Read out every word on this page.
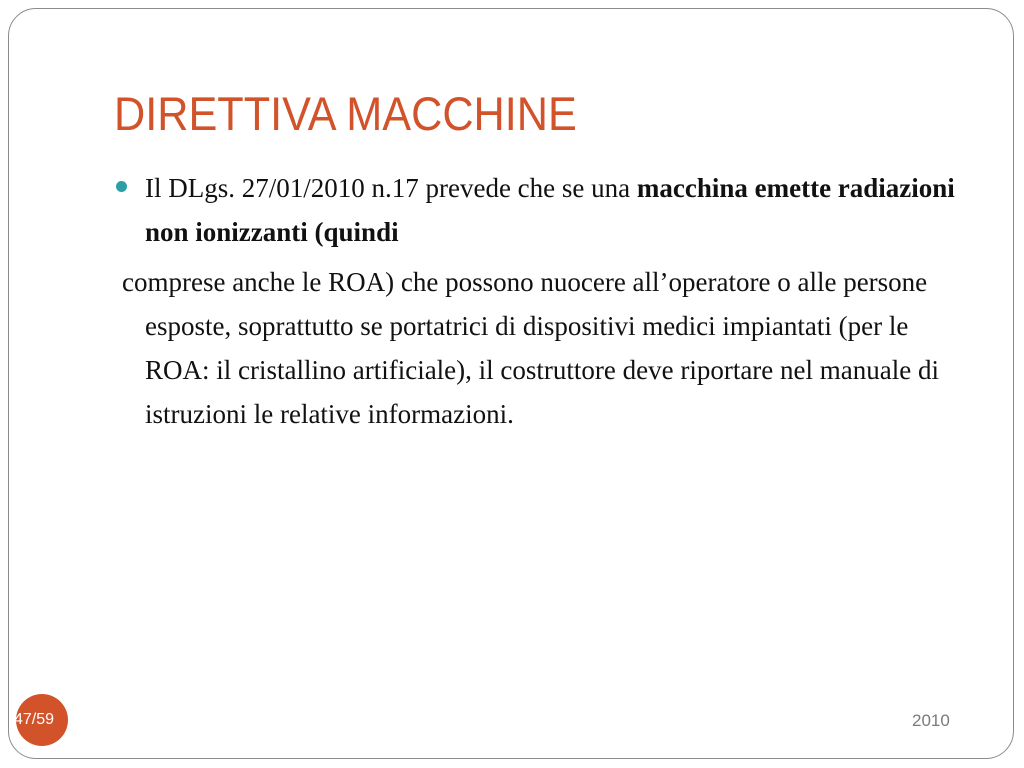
DIRETTIVA MACCHINE

Il DLgs. 27/01/2010 n.17 prevede che se una macchina emette radiazioni non ionizzanti (quindi

comprese anche le ROA) che possono nuocere all’operatore o alle persone esposte, soprattutto se portatrici di dispositivi medici impiantati (per le ROA: il cristallino artificiale), il costruttore deve riportare nel manuale di istruzioni le relative informazioni.

47/59	2010
